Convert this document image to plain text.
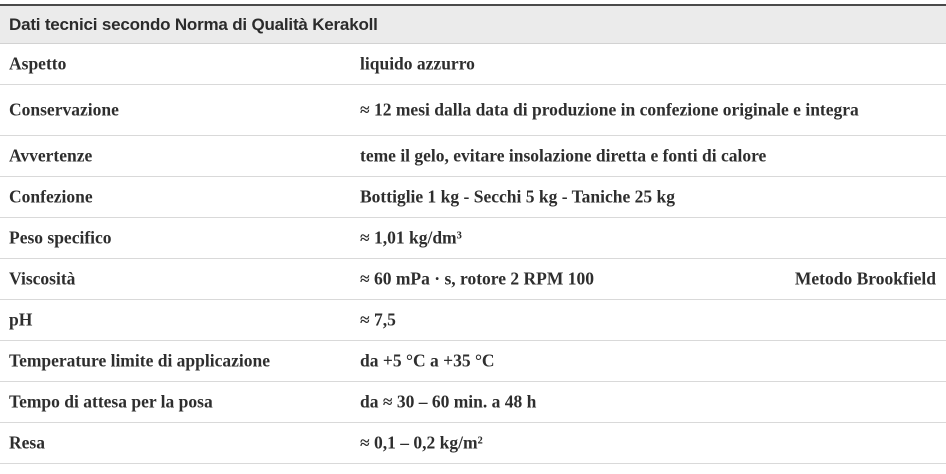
Dati tecnici secondo Norma di Qualità Kerakoll
Aspetto	liquido azzurro
Conservazione	≈ 12 mesi dalla data di produzione in confezione originale e integra
Avvertenze	teme il gelo, evitare insolazione diretta e fonti di calore
Confezione	Bottiglie 1 kg - Secchi 5 kg - Taniche 25 kg
Peso specifico	≈ 1,01 kg/dm³
Viscosità	≈ 60 mPa · s, rotore 2 RPM 100	Metodo Brookfield
pH	≈ 7,5
Temperature limite di applicazione	da +5 °C a +35 °C
Tempo di attesa per la posa	da ≈ 30 – 60 min. a 48 h
Resa	≈ 0,1 – 0,2 kg/m²
